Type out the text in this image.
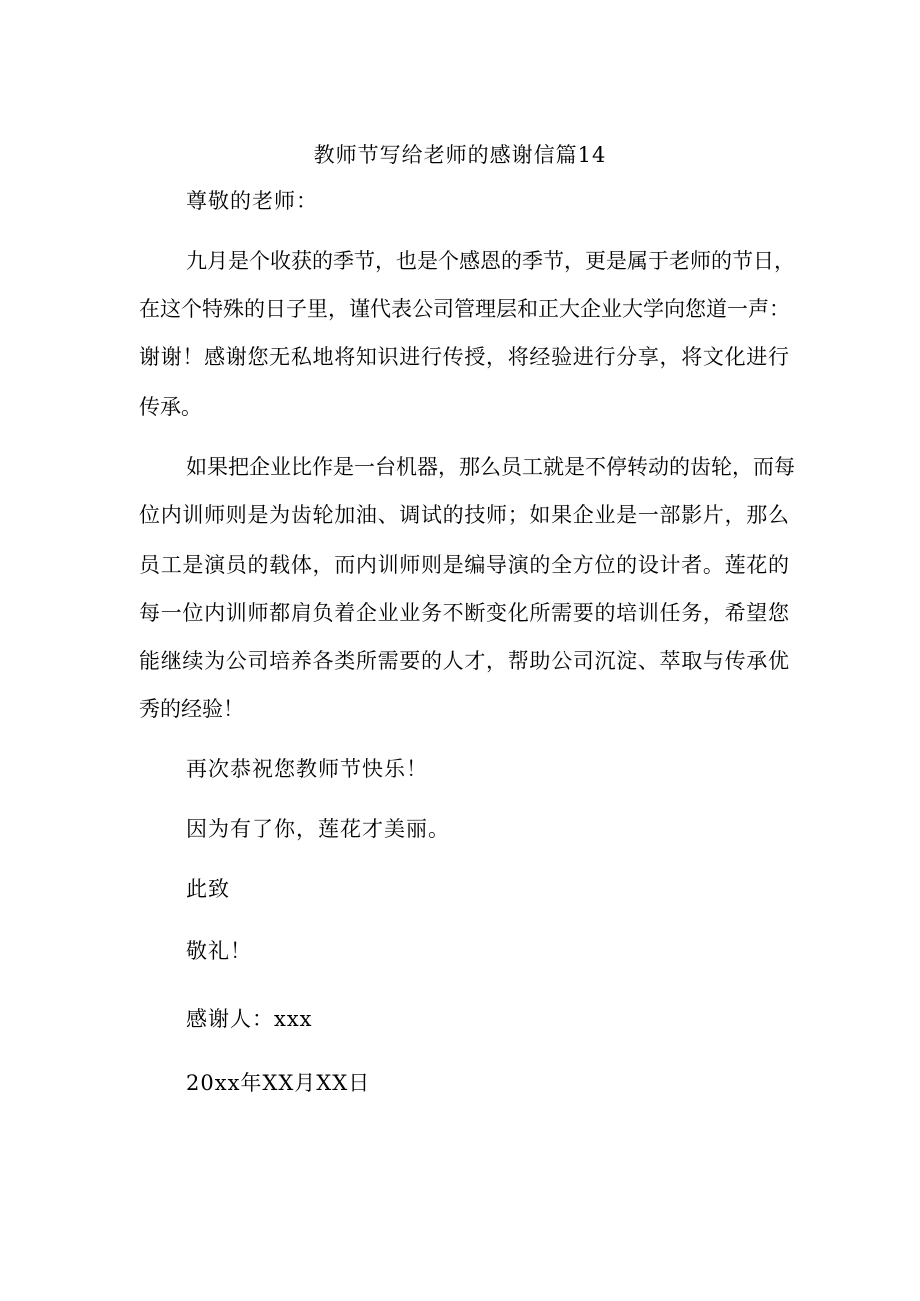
教师节写给老师的感谢信篇14
尊敬的老师：
九月是个收获的季节，也是个感恩的季节，更是属于老师的节日，
在这个特殊的日子里，谨代表公司管理层和正大企业大学向您道一声：
谢谢！感谢您无私地将知识进行传授，将经验进行分享，将文化进行
传承。
如果把企业比作是一台机器，那么员工就是不停转动的齿轮，而每
位内训师则是为齿轮加油、调试的技师；如果企业是一部影片，那么
员工是演员的载体，而内训师则是编导演的全方位的设计者。莲花的
每一位内训师都肩负着企业业务不断变化所需要的培训任务，希望您
能继续为公司培养各类所需要的人才，帮助公司沉淀、萃取与传承优
秀的经验！
再次恭祝您教师节快乐！
因为有了你，莲花才美丽。
此致
敬礼！
感谢人：xxx
20xx年XX月XX日
